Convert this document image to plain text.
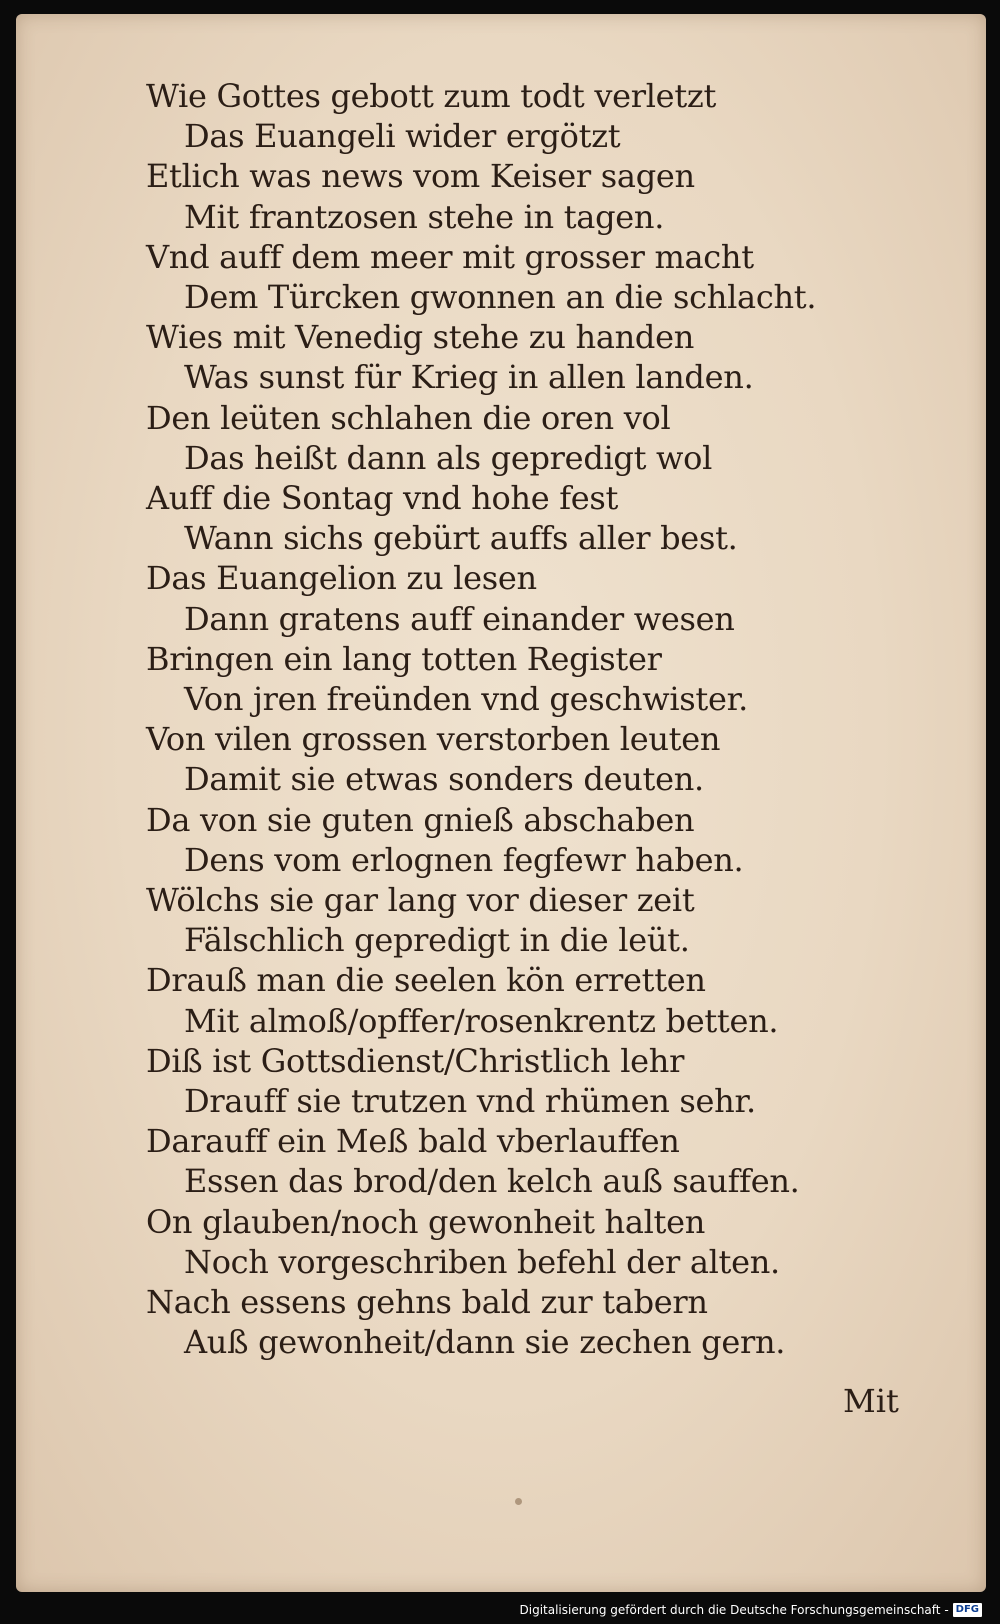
Wie Gottes gebott zum todt verletzt
Das Euangeli wider ergötzt
Etlich was news vom Keiser sagen
Mit frantzosen stehe in tagen.
Vnd auff dem meer mit grosser macht
Dem Türcken gwonnen an die schlacht.
Wies mit Venedig stehe zu handen
Was sunst für Krieg in allen landen.
Den leüten schlahen die oren vol
Das heißt dann als gepredigt wol
Auff die Sontag vnd hohe fest
Wann sichs gebürt auffs aller best.
Das Euangelion zu lesen
Dann gratens auff einander wesen
Bringen ein lang totten Register
Von jren freünden vnd geschwister.
Von vilen grossen verstorben leuten
Damit sie etwas sonders deuten.
Da von sie guten gnieß abschaben
Dens vom erlognen fegfewr haben.
Wölchs sie gar lang vor dieser zeit
Fälschlich gepredigt in die leüt.
Drauß man die seelen kön erretten
Mit almoß/opffer/rosenkrentz betten.
Diß ist Gottsdienst/Christlich lehr
Drauff sie trutzen vnd rhümen sehr.
Darauff ein Meß bald vberlauffen
Essen das brod/den kelch auß sauffen.
On glauben/noch gewonheit halten
Noch vorgeschriben befehl der alten.
Nach essens gehns bald zur tabern
Auß gewonheit/dann sie zechen gern.
Mit
Digitalisierung gefördert durch die Deutsche Forschungsgemeinschaft - DFG
